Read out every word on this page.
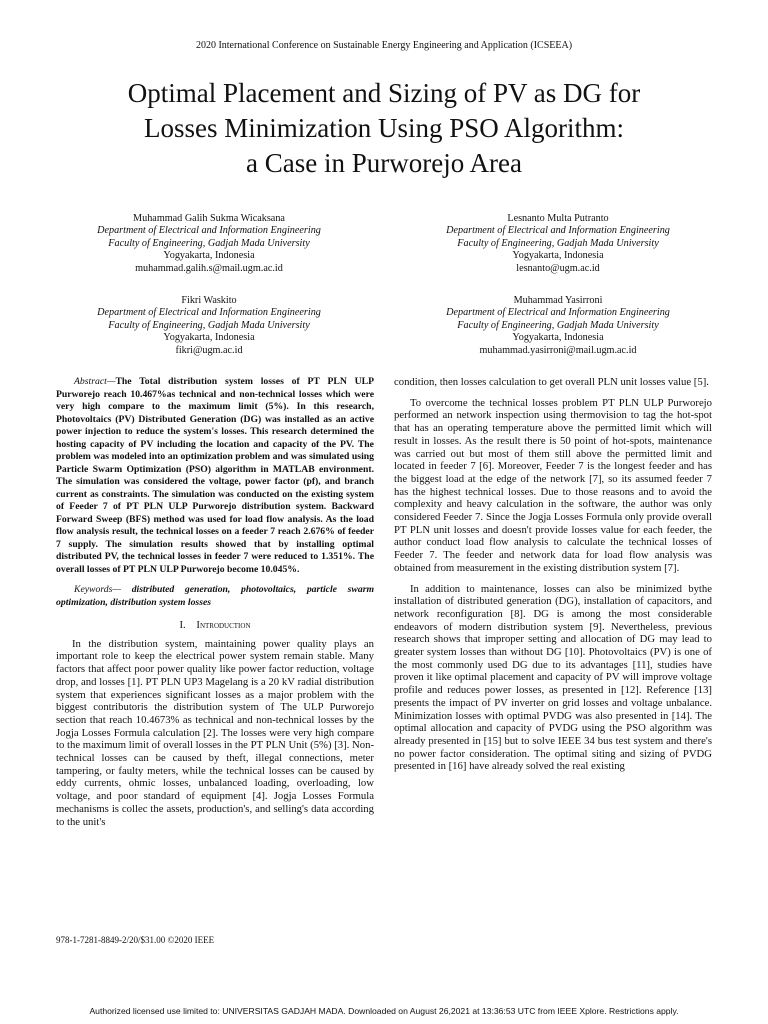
2020 International Conference on Sustainable Energy Engineering and Application (ICSEEA)
Optimal Placement and Sizing of PV as DG for
Losses Minimization Using PSO Algorithm:
a Case in Purworejo Area
Muhammad Galih Sukma Wicaksana
Department of Electrical and Information Engineering
Faculty of Engineering, Gadjah Mada University
Yogyakarta, Indonesia
muhammad.galih.s@mail.ugm.ac.id
Lesnanto Multa Putranto
Department of Electrical and Information Engineering
Faculty of Engineering, Gadjah Mada University
Yogyakarta, Indonesia
lesnanto@ugm.ac.id
Fikri Waskito
Department of Electrical and Information Engineering
Faculty of Engineering, Gadjah Mada University
Yogyakarta, Indonesia
fikri@ugm.ac.id
Muhammad Yasirroni
Department of Electrical and Information Engineering
Faculty of Engineering, Gadjah Mada University
Yogyakarta, Indonesia
muhammad.yasirroni@mail.ugm.ac.id

Abstract—The Total distribution system losses of PT PLN ULP Purworejo reach 10.467%as technical and non-technical losses which were very high compare to the maximum limit (5%). In this research, Photovoltaics (PV) Distributed Generation (DG) was installed as an active power injection to reduce the system's losses. This research determined the hosting capacity of PV including the location and capacity of the PV. The problem was modeled into an optimization problem and was simulated using Particle Swarm Optimization (PSO) algorithm in MATLAB environment. The simulation was considered the voltage, power factor (pf), and branch current as constraints. The simulation was conducted on the existing system of Feeder 7 of PT PLN ULP Purworejo distribution system. Backward Forward Sweep (BFS) method was used for load flow analysis. As the load flow analysis result, the technical losses on a feeder 7 reach 2.676% of feeder 7 supply. The simulation results showed that by installing optimal distributed PV, the technical losses in feeder 7 were reduced to 1.351%. The overall losses of PT PLN ULP Purworejo become 10.045%.

Keywords— distributed generation, photovoltaics, particle swarm optimization, distribution system losses

I. Introduction

In the distribution system, maintaining power quality plays an important role to keep the electrical power system remain stable. Many factors that affect poor power quality like power factor reduction, voltage drop, and losses [1]. PT PLN UP3 Magelang is a 20 kV radial distribution system that experiences significant losses as a major problem with the biggest contributoris the distribution system of The ULP Purworejo section that reach 10.4673% as technical and non-technical losses by the Jogja Losses Formula calculation [2]. The losses were very high compare to the maximum limit of overall losses in the PT PLN Unit (5%) [3]. Non-technical losses can be caused by theft, illegal connections, meter tampering, or faulty meters, while the technical losses can be caused by eddy currents, ohmic losses, unbalanced loading, overloading, low voltage, and poor standard of equipment [4]. Jogja Losses Formula mechanisms is collec the assets, production's, and selling's data according to the unit's

condition, then losses calculation to get overall PLN unit losses value [5].

To overcome the technical losses problem PT PLN ULP Purworejo performed an network inspection using thermovision to tag the hot-spot that has an operating temperature above the permitted limit which will result in losses. As the result there is 50 point of hot-spots, maintenance was carried out but most of them still above the permitted limit and located in feeder 7 [6]. Moreover, Feeder 7 is the longest feeder and has the biggest load at the edge of the network [7], so its assumed feeder 7 has the highest technical losses. Due to those reasons and to avoid the complexity and heavy calculation in the software, the author was only considered Feeder 7. Since the Jogja Losses Formula only provide overall PT PLN unit losses and doesn't provide losses value for each feeder, the author conduct load flow analysis to calculate the technical losses of Feeder 7. The feeder and network data for load flow analysis was obtained from measurement in the existing distribution system [7].

In addition to maintenance, losses can also be minimized bythe installation of distributed generation (DG), installation of capacitors, and network reconfiguration [8]. DG is among the most considerable endeavors of modern distribution system [9]. Nevertheless, previous research shows that improper setting and allocation of DG may lead to greater system losses than without DG [10]. Photovoltaics (PV) is one of the most commonly used DG due to its advantages [11], studies have proven it like optimal placement and capacity of PV will improve voltage profile and reduces power losses, as presented in [12]. Reference [13] presents the impact of PV inverter on grid losses and voltage unbalance. Minimization losses with optimal PVDG was also presented in [14]. The optimal allocation and capacity of PVDG using the PSO algorithm was already presented in [15] but to solve IEEE 34 bus test system and there's no power factor consideration. The optimal siting and sizing of PVDG presented in [16] have already solved the real existing

978-1-7281-8849-2/20/$31.00 ©2020 IEEE
Authorized licensed use limited to: UNIVERSITAS GADJAH MADA. Downloaded on August 26,2021 at 13:36:53 UTC from IEEE Xplore. Restrictions apply.
